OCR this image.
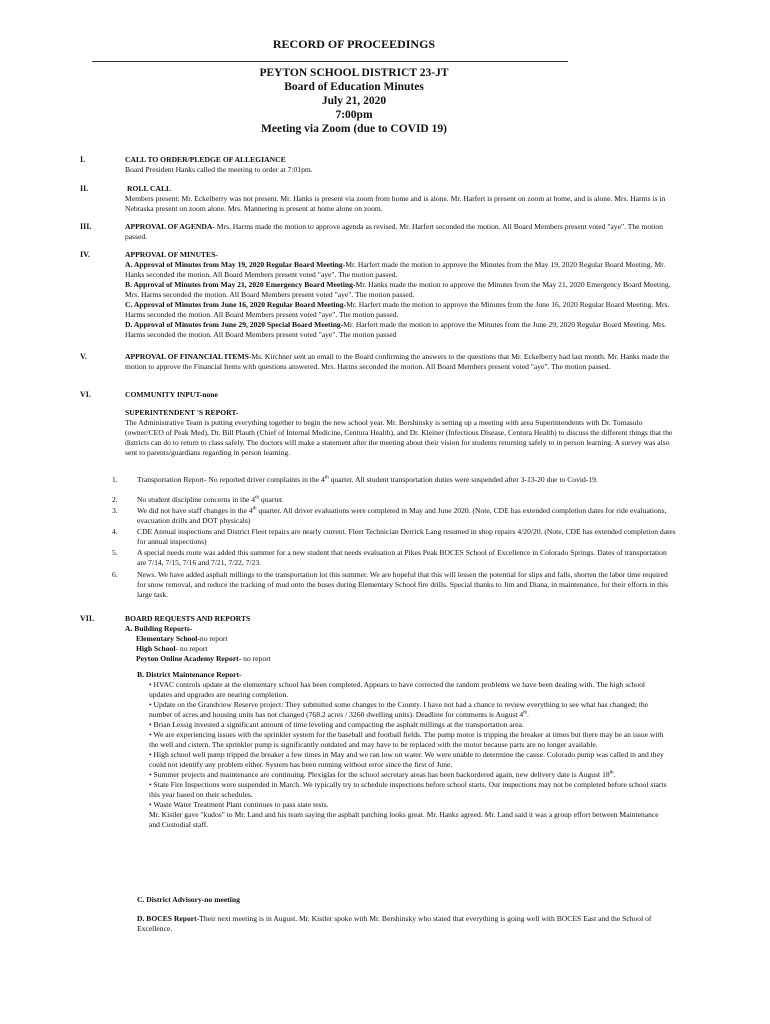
RECORD OF PROCEEDINGS
PEYTON SCHOOL DISTRICT 23-JT
Board of Education Minutes
July 21, 2020
7:00pm
Meeting via Zoom (due to COVID 19)
I.	CALL TO ORDER/PLEDGE OF ALLEGIANCE

Board President Hanks called the meeting to order at 7:01pm.

II.	ROLL CALL

Members present: Mr. Eckelberry was not present. Mr. Hanks is present via zoom from home and is alone. Mr. Harfert is present on zoom at home, and is alone. Mrs. Harms is in Nebraska present on zoom alone. Mrs. Mannering is present at home alone on zoom.

III.	APPROVAL OF AGENDA- Mrs. Harms made the motion to approve agenda as revised. Mr. Harfert seconded the motion. All Board Members present voted "aye". The motion passed.

IV.	APPROVAL OF MINUTES-

A. Approval of Minutes from May 19, 2020 Regular Board Meeting-Mr. Harfert made the motion to approve the Minutes from the May 19, 2020 Regular Board Meeting. Mr. Hanks seconded the motion. All Board Members present voted "aye". The motion passed.

B. Approval of Minutes from May 21, 2020 Emergency Board Meeting-Mr. Hanks made the motion to approve the Minutes from the May 21, 2020 Emergency Board Meeting. Mrs. Harms seconded the motion. All Board Members present voted "aye". The motion passed.

C. Approval of Minutes from June 16, 2020 Regular Board Meeting-Mr. Harfert made the motion to approve the Minutes from the June 16, 2020 Regular Board Meeting. Mrs. Harms seconded the motion. All Board Members present voted "aye". The motion passed.

D. Approval of Minutes from June 29, 2020 Special Board Meeting-Mr. Harfert made the motion to approve the Minutes from the June 29, 2020 Regular Board Meeting. Mrs. Harms seconded the motion. All Board Members present voted "aye". The motion passed

V.	APPROVAL OF FINANCIAL ITEMS-Ms. Kirchner sent an email to the Board confirming the answers to the questions that Mr. Eckelberry had last month. Mr. Hanks made the motion to approve the Financial Items with questions answered. Mrs. Harms seconded the motion. All Board Members present voted "aye". The motion passed.

VI.	COMMUNITY INPUT-none

SUPERINTENDENT 'S REPORT-

The Administrative Team is putting everything together to begin the new school year. Mr. Bershinsky is setting up a meeting with area Superintendents with Dr. Tomasulo (owner/CEO of Peak Med), Dr. Bill Plauth (Chief of Internal Medicine, Centura Health), and Dr. Kleiner (Infectious Disease, Centura Health) to discuss the different things that the districts can do to return to class safely. The doctors will make a statement after the meeting about their vision for students returning safely to in person learning. A survey was also sent to parents/guardians regarding in person learning.

1.	Transportation Report- No reported driver complaints in the 4th quarter. All student transportation duties were suspended after 3-13-20 due to Covid-19.
2.	No student discipline concerns in the 4th quarter.
3.	We did not have staff changes in the 4th quarter. All driver evaluations were completed in May and June 2020. (Note, CDE has extended completion dates for ride evaluations, evacuation drills and DOT physicals)
4.	CDE Annual inspections and District Fleet repairs are nearly current. Fleet Technician Derrick Lang resumed in shop repairs 4/20/20. (Note, CDE has extended completion dates for annual inspections)
5.	A special needs route was added this summer for a new student that needs evaluation at Pikes Peak BOCES School of Excellence in Colorado Springs. Dates of transportation are 7/14, 7/15, 7/16 and 7/21, 7/22, 7/23.
6.	News. We have added asphalt millings to the transportation lot this summer. We are hopeful that this will lessen the potential for slips and falls, shorten the labor time required for snow removal, and reduce the tracking of mud onto the buses during Elementary School fire drills. Special thanks to Jim and Diana, in maintenance, for their efforts in this large task.
VII.	BOARD REQUESTS AND REPORTS

A. Building Reports-

Elementary School-no report

High School- no report

Peyton Online Academy Report- no report

B. District Maintenance Report-

• HVAC controls update at the elementary school has been completed. Appears to have corrected the random problems we have been dealing with. The high school updates and upgrades are nearing completion.

• Update on the Grandview Reserve project: They submitted some changes to the County. I have not had a chance to review everything to see what has changed; the number of acres and housing units has not changed (768.2 acres / 3260 dwelling units). Deadline for comments is August 4th.

• Brian Lessig invested a significant amount of time leveling and compacting the asphalt millings at the transportation area.

• We are experiencing issues with the sprinkler system for the baseball and football fields. The pump motor is tripping the breaker at times but there may be an issue with the well and cistern. The sprinkler pump is significantly outdated and may have to be replaced with the motor because parts are no longer available.

• High school well pump tripped the breaker a few times in May and we ran low on water. We were unable to determine the cause. Colorado pump was called in and they could not identify any problem either. System has been running without error since the first of June.

• Summer projects and maintenance are continuing. Plexiglas for the school secretary areas has been backordered again, new delivery date is August 18th.

• State Fire Inspections were suspended in March. We typically try to schedule inspections before school starts. Our inspections may not be completed before school starts this year based on their schedules.

• Waste Water Treatment Plant continues to pass state tests.

Mr. Kistler gave "kudos" to Mr. Land and his team saying the asphalt patching looks great. Mr. Hanks agreed. Mr. Land said it was a group effort between Maintenance and Custodial staff.

C. District Advisory-no meeting

D. BOCES Report-Their next meeting is in August. Mr. Kistler spoke with Mr. Bershinsky who stated that everything is going well with BOCES East and the School of Excellence.
